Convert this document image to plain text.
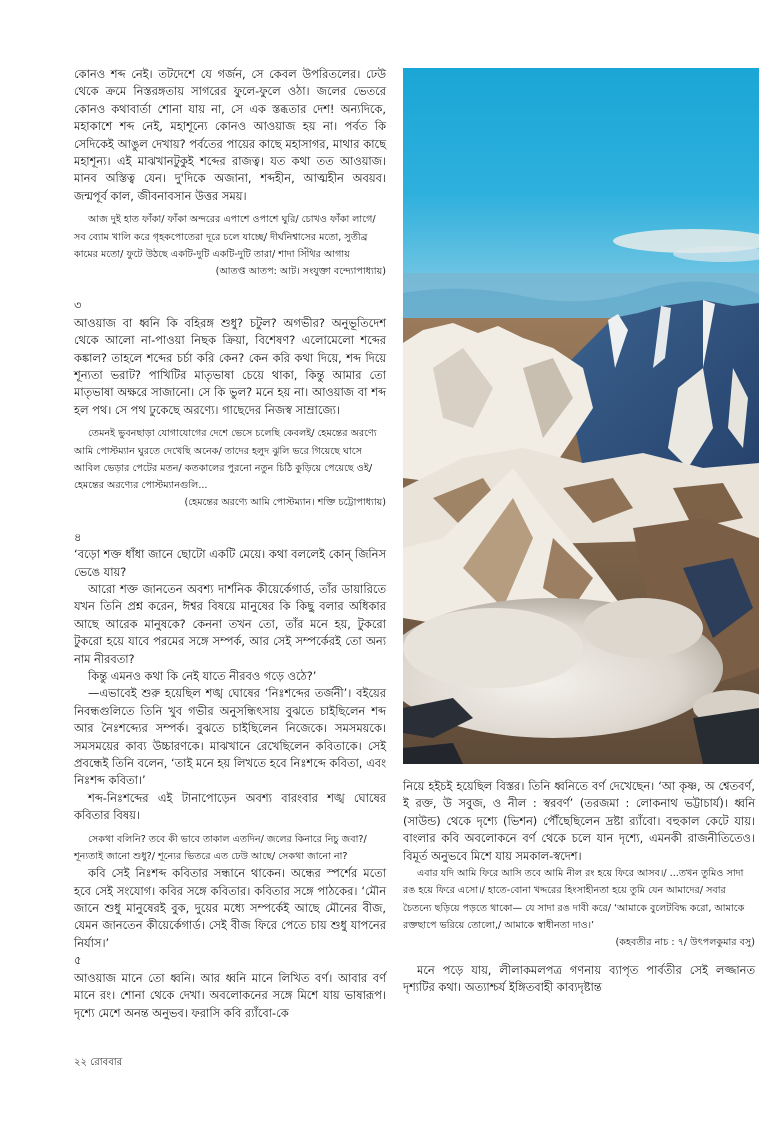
কোনও শব্দ নেই। তটদেশে যে গর্জন, সে কেবল উপরিতলের। ঢেউ থেকে ক্রমে নিস্তরঙ্গতায় সাগরের ফুলে-ফুলে ওঠা। জলের ভেতরে কোনও কথাবার্তা শোনা যায় না, সে এক স্তব্ধতার দেশ! অন্যদিকে, মহাকাশে শব্দ নেই, মহাশূন্যে কোনও আওয়াজ হয় না। পর্বত কি সেদিকেই আঙুল দেখায়? পর্বতের পায়ের কাছে মহাসাগর, মাথার কাছে মহাশূন্য। এই মাঝখানটুকুই শব্দের রাজত্ব। যত কথা তত আওয়াজ। মানব অস্তিত্ব যেন। দু'দিকে অজানা, শব্দহীন, আত্মহীন অবয়ব। জন্মপূর্ব কাল, জীবনাবসান উত্তর সময়।

আজ দুই হাত ফাঁকা/ ফাঁকা অন্দরের এপাশে ওপাশে ঘুরি/ চোখও ফাঁকা লাগে/ সব ব্যোম খালি করে গৃহকপোতেরা দূরে চলে যাচ্ছে/ দীর্ঘনিশ্বাসের মতো, সুতীব্র কামের মতো/ ফুটে উঠছে একটি-দুটি একটি-দুটি তারা/ শাদা সিঁথির আগায়

(আতপ্ত আতপ: আট। সংযুক্তা বন্দ্যোপাধ্যায়)

৩

আওয়াজ বা ধ্বনি কি বহিরঙ্গ শুধু? চটুল? অগভীর? অনুভূতিদেশ থেকে আলো না-পাওয়া নিছক ক্রিয়া, বিশেষণ? এলোমেলো শব্দের কঙ্কাল? তাহলে শব্দের চর্চা করি কেন? কেন করি কথা দিয়ে, শব্দ দিয়ে শূন্যতা ভরাট? পাখিটির মাতৃভাষা চেয়ে থাকা, কিন্তু আমার তো মাতৃভাষা অক্ষরে সাজানো। সে কি ভুল? মনে হয় না। আওয়াজ বা শব্দ হল পথ। সে পথ ঢুকেছে অরণ্যে। গাছেদের নিজস্ব সাম্রাজ্যে।

তেমনই ভুবনছাড়া যোগাযোগের দেশে ভেসে চলেছি কেবলই/ হেমন্তের অরণ্যে আমি পোস্টম্যান ঘুরতে দেখেছি অনেক/ তাদের হলুদ ঝুলি ভরে গিয়েছে ঘাসে আবিল ভেড়ার পেটের মতন/ কতকালের পুরনো নতুন চিঠি কুড়িয়ে পেয়েছে ওই/ হেমন্তের অরণ্যের পোস্টম্যানগুলি...

(হেমন্তের অরণ্যে আমি পোস্টম্যান। শক্তি চট্টোপাধ্যায়)

৪

‘বড়ো শক্ত ধাঁধা জানে ছোটো একটি মেয়ে। কথা বললেই কোন্ জিনিস ভেঙে যায়?

আরো শক্ত জানতেন অবশ্য দার্শনিক কীয়ের্কেগার্ড, তাঁর ডায়ারিতে যখন তিনি প্রশ্ন করেন, ঈশ্বর বিষয়ে মানুষের কি কিছু বলার অধিকার আছে আরেক মানুষকে? কেননা তখন তো, তাঁর মনে হয়, টুকরো টুকরো হয়ে যাবে পরমের সঙ্গে সম্পর্ক, আর সেই সম্পর্কেরই তো অন্য নাম নীরবতা?

কিন্তু এমনও কথা কি নেই যাতে নীরবও গড়ে ওঠে?’

—এভাবেই শুরু হয়েছিল শঙ্খ ঘোষের ‘নিঃশব্দের তর্জনী’। বইয়ের নিবন্ধগুলিতে তিনি খুব গভীর অনুসন্ধিৎসায় বুঝতে চাইছিলেন শব্দ আর নৈঃশব্দ্যের সম্পর্ক। বুঝতে চাইছিলেন নিজেকে। সমসময়কে। সমসময়ের কাব্য উচ্চারণকে। মাঝখানে রেখেছিলেন কবিতাকে। সেই প্রবন্ধেই তিনি বলেন, ‘তাই মনে হয় লিখতে হবে নিঃশব্দে কবিতা, এবং নিঃশব্দ কবিতা।’

শব্দ-নিঃশব্দের এই টানাপোড়েন অবশ্য বারংবার শঙ্খ ঘোষের কবিতার বিষয়।

সেকথা বলিনি? তবে কী ভাবে তাকাল এতদিন/ জলের কিনারে নিচু জবা?/ শূন্যতাই জানো শুধু?/ শূন্যের ভিতরে এত ঢেউ আছে/ সেকথা জানো না?

কবি সেই নিঃশব্দ কবিতার সন্ধানে থাকেন। অন্ধের স্পর্শের মতো হবে সেই সংযোগ। কবির সঙ্গে কবিতার। কবিতার সঙ্গে পাঠকের। ‘মৌন জানে শুধু মানুষেরই বুক, দুয়ের মধ্যে সম্পর্কেই আছে মৌনের বীজ, যেমন জানতেন কীয়ের্কেগার্ড। সেই বীজ ফিরে পেতে চায় শুধু যাপনের নির্যাস।’

৫

আওয়াজ মানে তো ধ্বনি। আর ধ্বনি মানে লিখিত বর্ণ। আবার বর্ণ মানে রং। শোনা থেকে দেখা। অবলোকনের সঙ্গে মিশে যায় ভাষারূপ। দৃশ্যে মেশে অনন্ত অনুভব। ফরাসি কবি র‍্যাঁবো-কে

নিয়ে হইচই হয়েছিল বিস্তর। তিনি ধ্বনিতে বর্ণ দেখেছেন। ‘আ কৃষ্ণ, অ শ্বেতবর্ণ, ই রক্ত, উ সবুজ, ও নীল : স্বরবর্ণ’ (তরজমা : লোকনাথ ভট্টাচার্য)। ধ্বনি (সাউন্ড) থেকে দৃশ্যে (ভিশন) পৌঁছেছিলেন দ্রষ্টা র‍্যাঁবো। বহুকাল কেটে যায়। বাংলার কবি অবলোকনে বর্ণ থেকে চলে যান দৃশ্যে, এমনকী রাজনীতিতেও। বিমূর্ত অনুভবে মিশে যায় সমকাল-স্বদেশ।

এবার যদি আমি ফিরে আসি তবে আমি নীল রং হয়ে ফিরে আসব।/ ...তখন তুমিও সাদা রঙ হয়ে ফিরে এসো।/ হাতে-বোনা খদ্দরের হিংসাহীনতা হয়ে তুমি যেন আমাদের/ সবার চৈতন্যে ছড়িয়ে পড়তে থাকো— যে সাদা রঙ দাবী করে/ ‘আমাকে বুলেটবিদ্ধ করো, আমাকে রক্তছাপে ভরিয়ে তোলো,/ আমাকে স্বাধীনতা দাও।’

(কহবতীর নাচ : ৭/ উৎপলকুমার বসু)

মনে পড়ে যায়, লীলাকমলপত্র গণনায় ব্যাপৃত পার্বতীর সেই লজ্জানত দৃশ্যটির কথা। অত্যাশ্চর্য ইঙ্গিতবাহী কাব্যদৃষ্টান্ত

২২ রোববার
